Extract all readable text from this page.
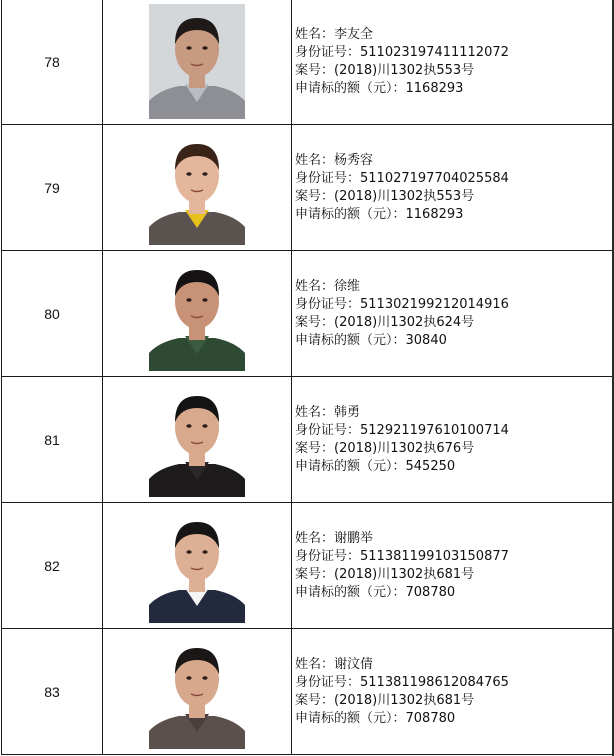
78		姓名：李友全
身份证号：511023197411112072
案号：(2018)川1302执553号
申请标的额（元）：1168293

79		姓名：杨秀容
身份证号：511027197704025584
案号：(2018)川1302执553号
申请标的额（元）：1168293

80		姓名：徐维
身份证号：511302199212014916
案号：(2018)川1302执624号
申请标的额（元）：30840

81		姓名：韩勇
身份证号：512921197610100714
案号：(2018)川1302执676号
申请标的额（元）：545250

82		姓名：谢鹏举
身份证号：511381199103150877
案号：(2018)川1302执681号
申请标的额（元）：708780

83		姓名：谢汶倩
身份证号：511381198612084765
案号：(2018)川1302执681号
申请标的额（元）：708780
